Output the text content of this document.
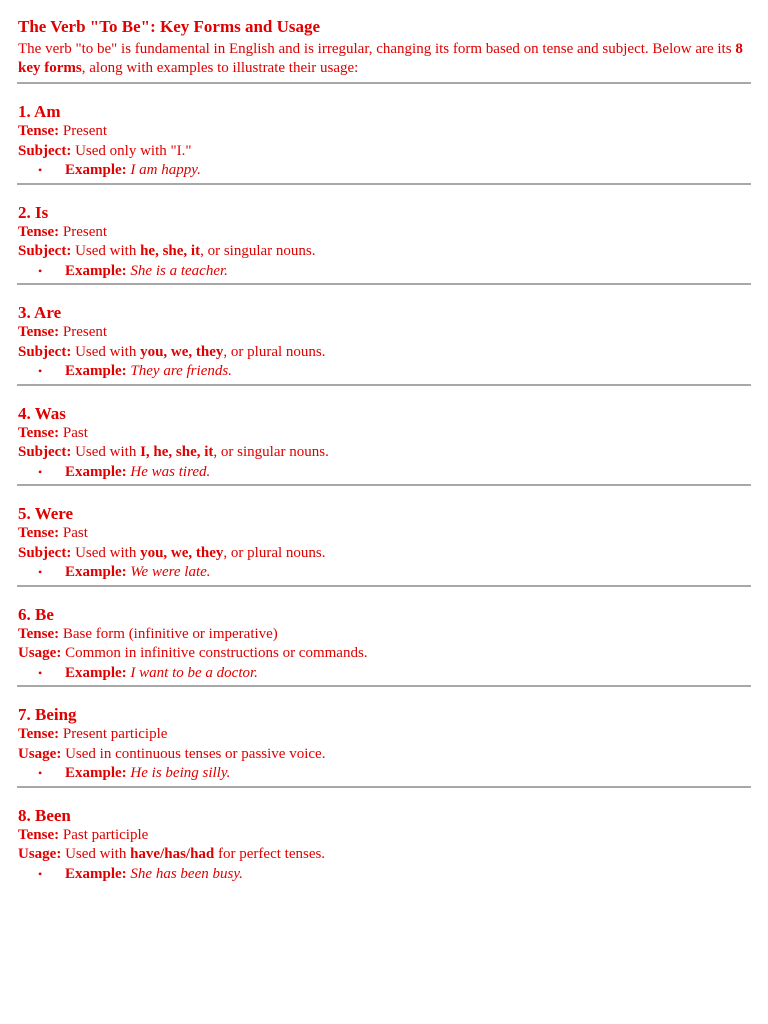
The Verb "To Be": Key Forms and Usage

The verb "to be" is fundamental in English and is irregular, changing its form based on tense and subject. Below are its 8 key forms, along with examples to illustrate their usage:

1. Am

Tense: Present

Subject: Used only with "I."

•	Example:
I am happy.

2. Is

Tense: Present

Subject: Used with he, she, it, or singular nouns.

•	Example:
She is a teacher.

3. Are

Tense: Present

Subject: Used with you, we, they, or plural nouns.

•	Example:
They are friends.

4. Was

Tense: Past

Subject: Used with I, he, she, it, or singular nouns.

•	Example:
He was tired.

5. Were

Tense: Past

Subject: Used with you, we, they, or plural nouns.

•	Example:
We were late.

6. Be

Tense: Base form (infinitive or imperative)

Usage: Common in infinitive constructions or commands.

•	Example:
I want to be a doctor.

7. Being

Tense: Present participle

Usage: Used in continuous tenses or passive voice.

•	Example:
He is being silly.

8. Been

Tense: Past participle

Usage: Used with have/has/had for perfect tenses.

•	Example:
She has been busy.
